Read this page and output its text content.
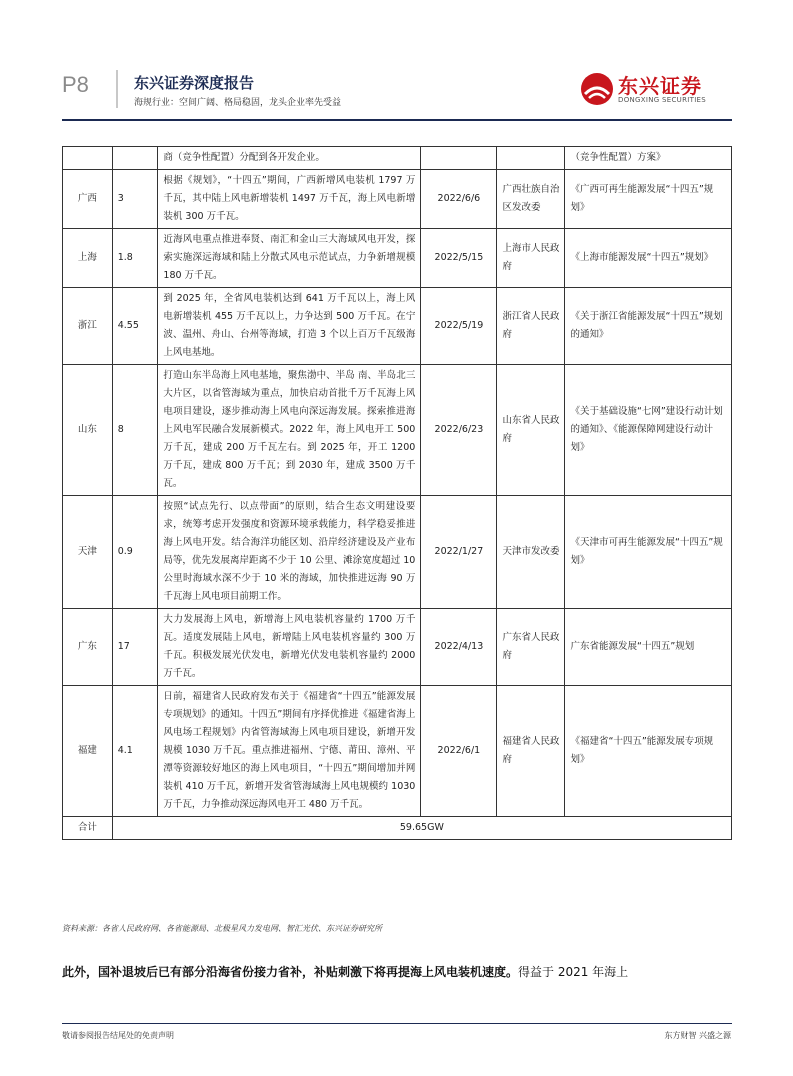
P8	东兴证券深度报告
海规行业：空间广阔、格局稳固，龙头企业率先受益
东兴证券
DONGXING SECURITIES
		商（竞争性配置）分配到各开发企业。			（竞争性配置）方案》
广西	3	根据《规划》，“十四五”期间，广西新增风电装机 1797 万千瓦，其中陆上风电新增装机 1497 万千瓦，海上风电新增装机 300 万千瓦。	2022/6/6	广西壮族自治区发改委	《广西可再生能源发展“十四五”规划》
上海	1.8	近海风电重点推进奉贤、南汇和金山三大海域风电开发，探索实施深远海域和陆上分散式风电示范试点，力争新增规模 180 万千瓦。	2022/5/15	上海市人民政府	《上海市能源发展“十四五”规划》
浙江	4.55	到 2025 年，全省风电装机达到 641 万千瓦以上，海上风电新增装机 455 万千瓦以上，力争达到 500 万千瓦。在宁波、温州、舟山、台州等海域，打造 3 个以上百万千瓦级海上风电基地。	2022/5/19	浙江省人民政府	《关于浙江省能源发展“十四五”规划的通知》
山东	8	打造山东半岛海上风电基地，聚焦渤中、半岛 南、半岛北三大片区，以省管海域为重点，加快启动首批千万千瓦海上风电项目建设，逐步推动海上风电向深远海发展。探索推进海上风电军民融合发展新模式。2022 年，海上风电开工 500 万千瓦，建成 200 万千瓦左右。到 2025 年，开工 1200 万千瓦，建成 800 万千瓦；到 2030 年，建成 3500 万千瓦。	2022/6/23	山东省人民政府	《关于基础设施“七网”建设行动计划的通知》、《能源保障网建设行动计划》
天津	0.9	按照“试点先行、以点带面”的原则，结合生态文明建设要求，统筹考虑开发强度和资源环境承载能力，科学稳妥推进海上风电开发。结合海洋功能区划、沿岸经济建设及产业布局等，优先发展离岸距离不少于 10 公里、滩涂宽度超过 10 公里时海域水深不少于 10 米的海域，加快推进远海 90 万千瓦海上风电项目前期工作。	2022/1/27	天津市发改委	《天津市可再生能源发展“十四五”规划》
广东	17	大力发展海上风电，新增海上风电装机容量约 1700 万千瓦。适度发展陆上风电，新增陆上风电装机容量约 300 万千瓦。积极发展光伏发电，新增光伏发电装机容量约 2000 万千瓦。	2022/4/13	广东省人民政府	广东省能源发展“十四五”规划
福建	4.1	日前，福建省人民政府发布关于《福建省“十四五”能源发展专项规划》的通知。十四五”期间有序择优推进《福建省海上风电场工程规划》内省管海域海上风电项目建设，新增开发规模 1030 万千瓦。重点推进福州、宁德、莆田、漳州、平潭等资源较好地区的海上风电项目，“十四五”期间增加并网装机 410 万千瓦，新增开发省管海域海上风电规模约 1030 万千瓦，力争推动深远海风电开工 480 万千瓦。	2022/6/1	福建省人民政府	《福建省“十四五”能源发展专项规划》
合计	59.65GW				
资料来源：各省人民政府网、各省能源局、北极星风力发电网、智汇光伏、东兴证券研究所
此外，国补退坡后已有部分沿海省份接力省补，补贴刺激下将再提海上风电装机速度。得益于 2021 年海上
敬请参阅报告结尾处的免责声明	东方财智 兴盛之源
